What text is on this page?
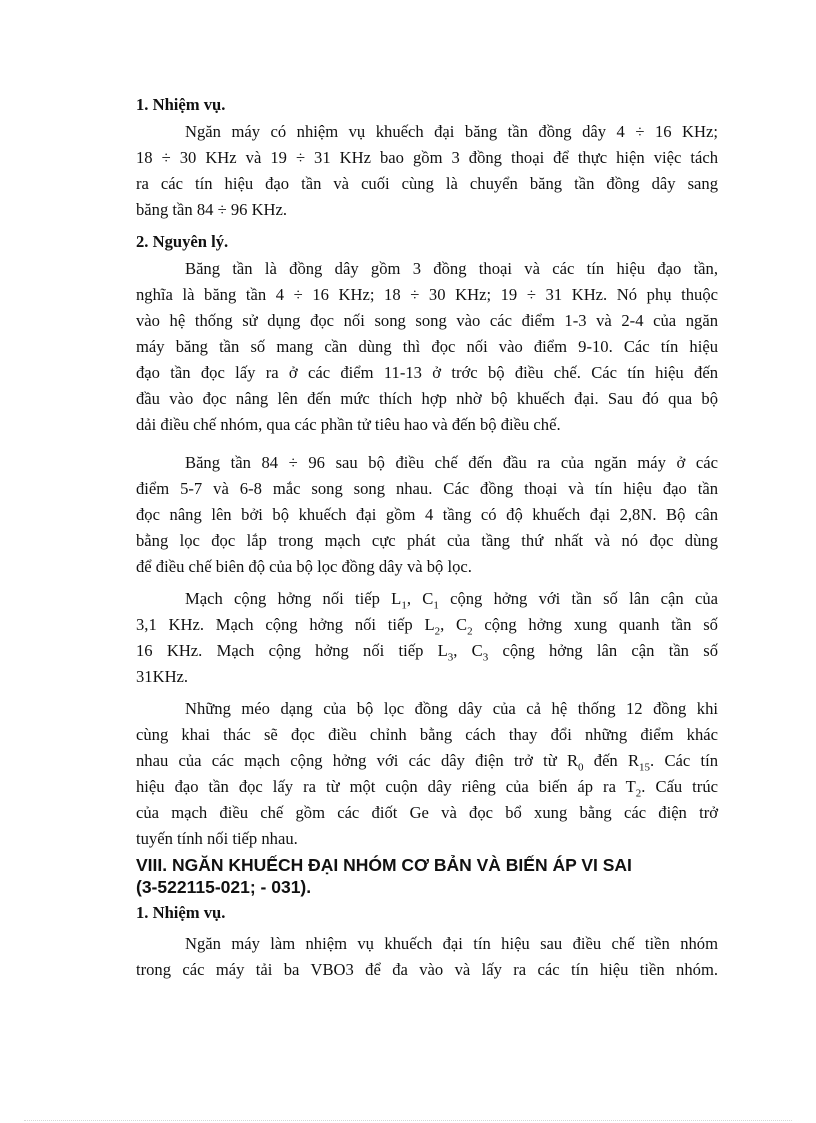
1. Nhiệm vụ.

Ngăn máy có nhiệm vụ khuếch đại băng tần đồng dây 4 ÷ 16 KHz;
18 ÷ 30 KHz và 19 ÷ 31 KHz bao gồm 3 đồng thoại để thực hiện việc tách
ra các tín hiệu đạo tần và cuối cùng là chuyển băng tần đồng dây sang
băng tần 84 ÷ 96 KHz.

2. Nguyên lý.

Băng tần là đồng dây gồm 3 đồng thoại và các tín hiệu đạo tần,
nghĩa là băng tần 4 ÷ 16 KHz; 18 ÷ 30 KHz; 19 ÷ 31 KHz. Nó phụ thuộc
vào hệ thống sử dụng đọc nối song song vào các điểm 1-3 và 2-4 của ngăn
máy băng tần số mang cần dùng thì đọc nối vào điểm 9-10. Các tín hiệu
đạo tần đọc lấy ra ở các điểm 11-13 ở trớc bộ điều chế. Các tín hiệu đến
đầu vào đọc nâng lên đến mức thích hợp nhờ bộ khuếch đại. Sau đó qua bộ
dải điều chế nhóm, qua các phần tử tiêu hao và đến bộ điều chế.
Băng tần 84 ÷ 96 sau bộ điều chế đến đầu ra của ngăn máy ở các
điểm 5-7 và 6-8 mắc song song nhau. Các đồng thoại và tín hiệu đạo tần
đọc nâng lên bởi bộ khuếch đại gồm 4 tầng có độ khuếch đại 2,8N. Bộ cân
bằng lọc đọc lắp trong mạch cực phát của tầng thứ nhất và nó đọc dùng
để điều chế biên độ của bộ lọc đồng dây và bộ lọc.
Mạch cộng hởng nối tiếp $L_1$, $C_1$ cộng hởng với tần số lân cận của
3,1 KHz. Mạch cộng hởng nối tiếp $L_2$, $C_2$ cộng hởng xung quanh tần số
16 KHz. Mạch cộng hởng nối tiếp $L_3$, $C_3$ cộng hởng lân cận tần số
31KHz.
Những méo dạng của bộ lọc đồng dây của cả hệ thống 12 đồng khi
cùng khai thác sẽ đọc điều chỉnh bằng cách thay đổi những điểm khác
nhau của các mạch cộng hởng với các dây điện trở từ $R_0$ đến $R_{15}$. Các tín
hiệu đạo tần đọc lấy ra từ một cuộn dây riêng của biến áp ra $T_2$. Cấu trúc
của mạch điều chế gồm các điốt Ge và đọc bổ xung bằng các điện trở
tuyến tính nối tiếp nhau.

VIII. NGĂN KHUẾCH ĐẠI NHÓM CƠ BẢN VÀ BIẾN ÁP VI SAI
(3-522115-021; - 031).

1. Nhiệm vụ.

Ngăn máy làm nhiệm vụ khuếch đại tín hiệu sau điều chế tiền nhóm
trong các máy tải ba VBO3 để đa vào và lấy ra các tín hiệu tiền nhóm.
